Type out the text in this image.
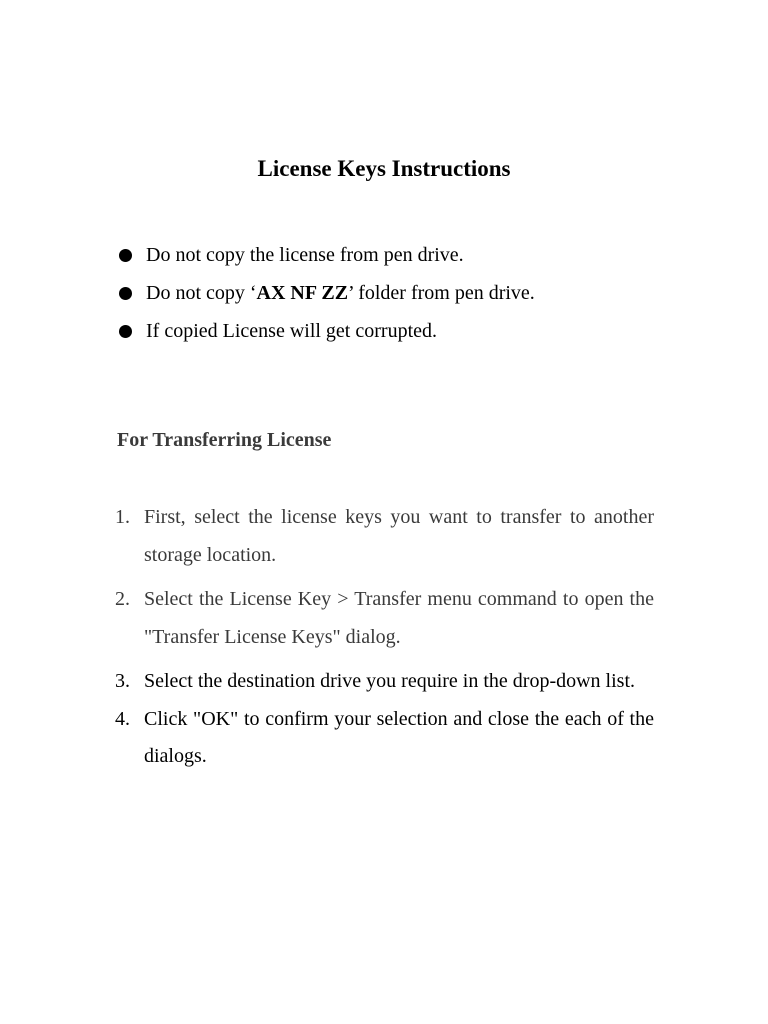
License Keys Instructions
Do not copy the license from pen drive.
Do not copy ‘AX NF ZZ’ folder from pen drive.
If copied License will get corrupted.
For Transferring License
1. First, select the license keys you want to transfer to another storage location.
2. Select the License Key > Transfer menu command to open the "Transfer License Keys" dialog.
3. Select the destination drive you require in the drop-down list.
4. Click "OK" to confirm your selection and close the each of the dialogs.
